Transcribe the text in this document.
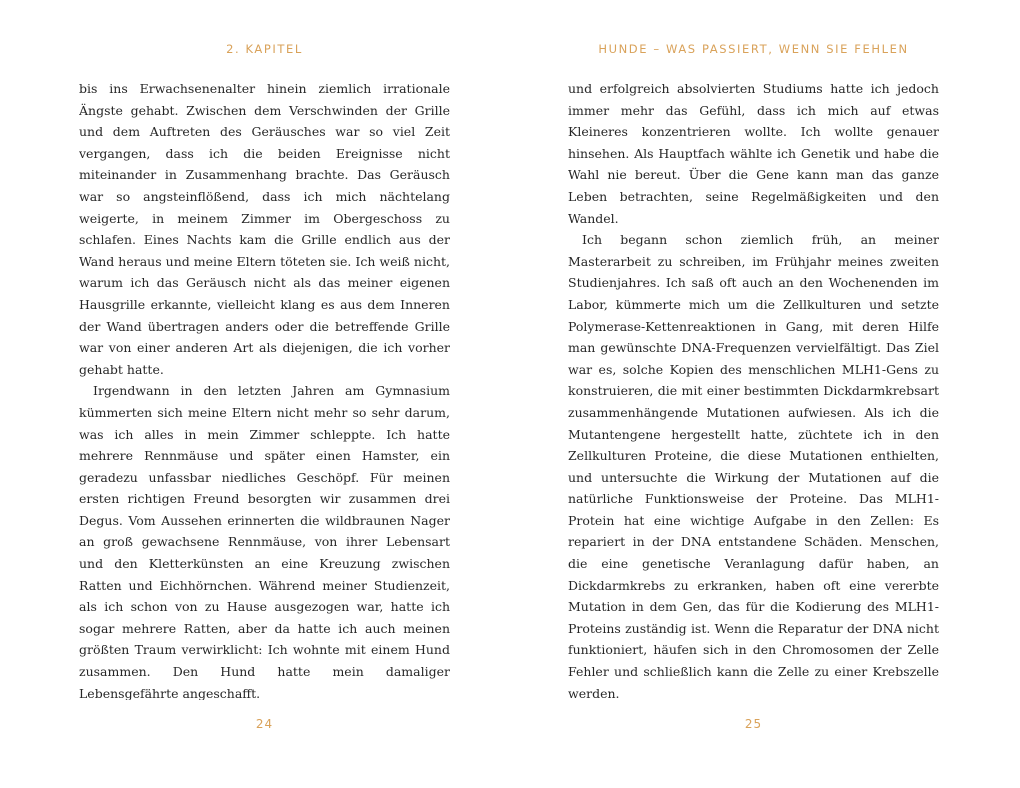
2. KAPITEL

bis ins Erwachsenenalter hinein ziemlich irrationale Ängste gehabt. Zwischen dem Verschwinden der Grille und dem Auftreten des Geräusches war so viel Zeit vergangen, dass ich die beiden Ereignisse nicht miteinander in Zusammenhang brachte. Das Geräusch war so angsteinflößend, dass ich mich nächtelang weigerte, in meinem Zimmer im Obergeschoss zu schlafen. Eines Nachts kam die Grille endlich aus der Wand heraus und meine Eltern töteten sie. Ich weiß nicht, warum ich das Geräusch nicht als das meiner eigenen Hausgrille erkannte, vielleicht klang es aus dem Inneren der Wand übertragen anders oder die betreffende Grille war von einer anderen Art als diejenigen, die ich vorher gehabt hatte.

Irgendwann in den letzten Jahren am Gymnasium kümmerten sich meine Eltern nicht mehr so sehr darum, was ich alles in mein Zimmer schleppte. Ich hatte mehrere Rennmäuse und später einen Hamster, ein geradezu unfassbar niedliches Geschöpf. Für meinen ersten richtigen Freund besorgten wir zusammen drei Degus. Vom Aussehen erinnerten die wildbraunen Nager an groß gewachsene Rennmäuse, von ihrer Lebensart und den Kletterkünsten an eine Kreuzung zwischen Ratten und Eichhörnchen. Während meiner Studienzeit, als ich schon von zu Hause ausgezogen war, hatte ich sogar mehrere Ratten, aber da hatte ich auch meinen größten Traum verwirklicht: Ich wohnte mit einem Hund zusammen. Den Hund hatte mein damaliger Lebensgefährte angeschafft.

24
HUNDE – WAS PASSIERT, WENN SIE FEHLEN

und erfolgreich absolvierten Studiums hatte ich jedoch immer mehr das Gefühl, dass ich mich auf etwas Kleineres konzentrieren wollte. Ich wollte genauer hinsehen. Als Hauptfach wählte ich Genetik und habe die Wahl nie bereut. Über die Gene kann man das ganze Leben betrachten, seine Regelmäßigkeiten und den Wandel.

Ich begann schon ziemlich früh, an meiner Masterarbeit zu schreiben, im Frühjahr meines zweiten Studienjahres. Ich saß oft auch an den Wochenenden im Labor, kümmerte mich um die Zellkulturen und setzte Polymerase-Kettenreaktionen in Gang, mit deren Hilfe man gewünschte DNA-Frequenzen vervielfältigt. Das Ziel war es, solche Kopien des menschlichen MLH1-Gens zu konstruieren, die mit einer bestimmten Dickdarmkrebsart zusammenhängende Mutationen aufwiesen. Als ich die Mutantengene hergestellt hatte, züchtete ich in den Zellkulturen Proteine, die diese Mutationen enthielten, und untersuchte die Wirkung der Mutationen auf die natürliche Funktionsweise der Proteine. Das MLH1-Protein hat eine wichtige Aufgabe in den Zellen: Es repariert in der DNA entstandene Schäden. Menschen, die eine genetische Veranlagung dafür haben, an Dickdarmkrebs zu erkranken, haben oft eine vererbte Mutation in dem Gen, das für die Kodierung des MLH1-Proteins zuständig ist. Wenn die Reparatur der DNA nicht funktioniert, häufen sich in den Chromosomen der Zelle Fehler und schließlich kann die Zelle zu einer Krebszelle werden.

25
